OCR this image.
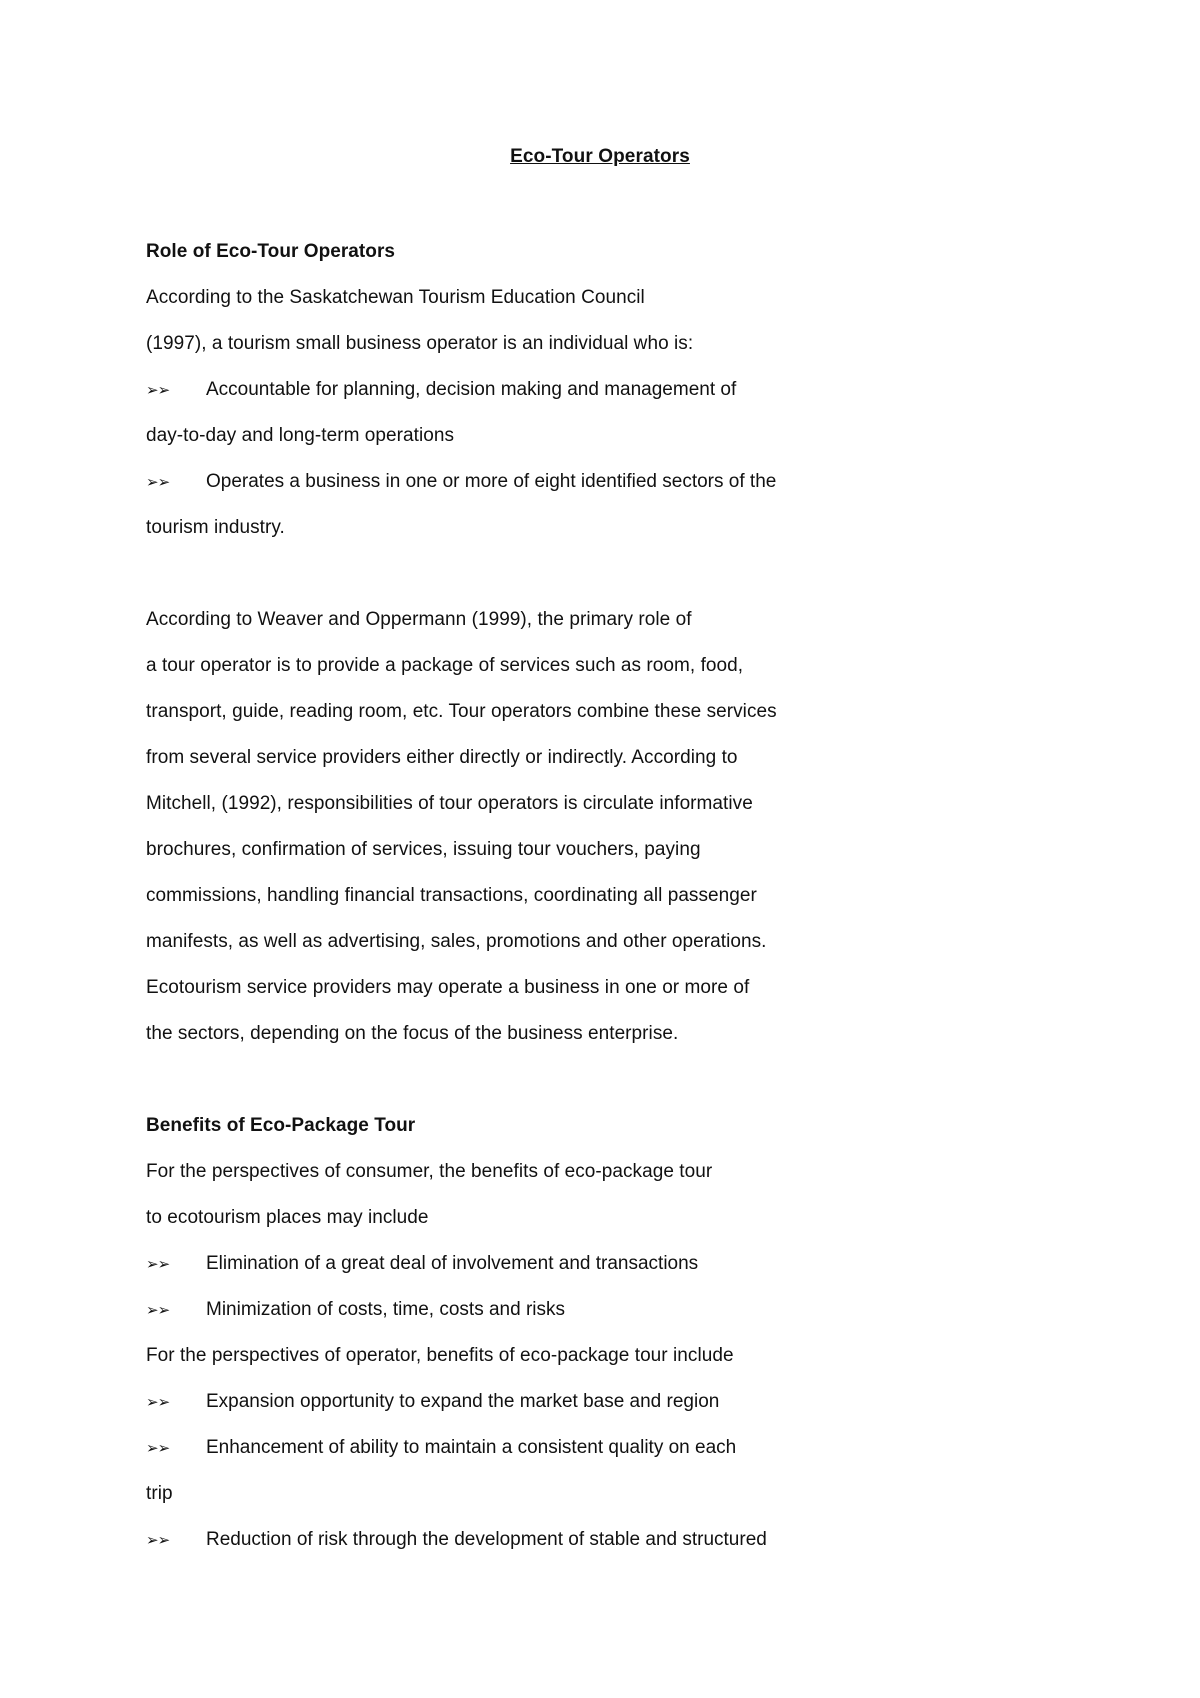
Eco-Tour Operators
Role of Eco-Tour Operators
According to the Saskatchewan Tourism Education Council
(1997), a tourism small business operator is an individual who is:
➢➢ Accountable for planning, decision making and management of
day-to-day and long-term operations
➢➢ Operates a business in one or more of eight identified sectors of the
tourism industry.
According to Weaver and Oppermann (1999), the primary role of
a tour operator is to provide a package of services such as room, food,
transport, guide, reading room, etc. Tour operators combine these services
from several service providers either directly or indirectly. According to
Mitchell, (1992), responsibilities of tour operators is circulate informative
brochures, confirmation of services, issuing tour vouchers, paying
commissions, handling financial transactions, coordinating all passenger
manifests, as well as advertising, sales, promotions and other operations.
Ecotourism service providers may operate a business in one or more of
the sectors, depending on the focus of the business enterprise.
Benefits of Eco-Package Tour
For the perspectives of consumer, the benefits of eco-package tour
to ecotourism places may include
➢➢ Elimination of a great deal of involvement and transactions
➢➢ Minimization of costs, time, costs and risks
For the perspectives of operator, benefits of eco-package tour include
➢➢ Expansion opportunity to expand the market base and region
➢➢ Enhancement of ability to maintain a consistent quality on each
trip
➢➢ Reduction of risk through the development of stable and structured
